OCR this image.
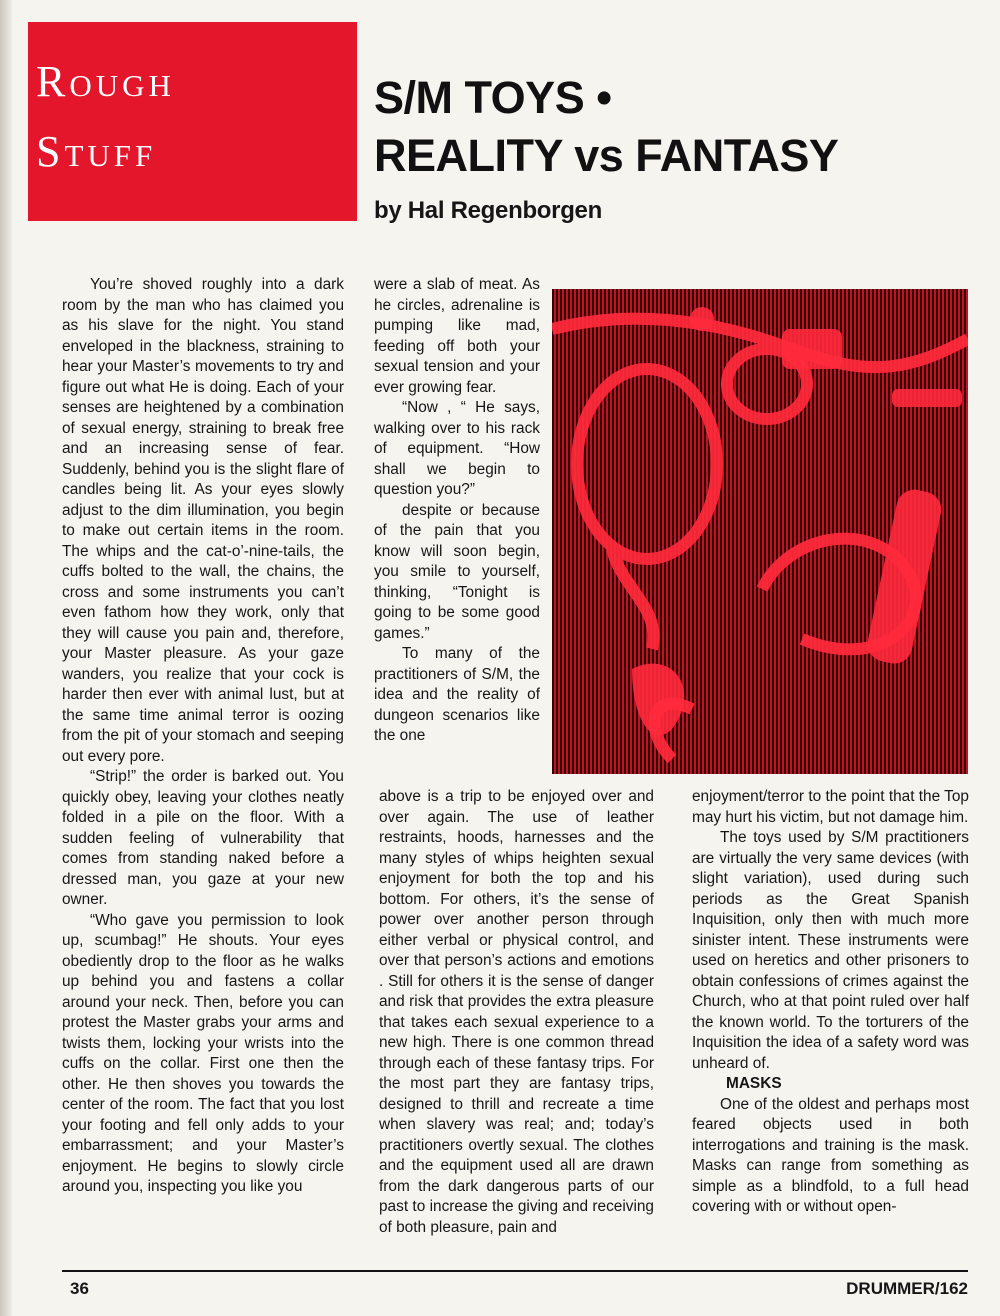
Rough
Stuff
S/M TOYS •
REALITY vs FANTASY
by Hal Regenborgen

You’re shoved roughly into a dark room by the man who has claimed you as his slave for the night. You stand enveloped in the blackness, straining to hear your Master’s movements to try and figure out what He is doing. Each of your senses are heightened by a combination of sexual energy, straining to break free and an increasing sense of fear. Suddenly, behind you is the slight flare of candles being lit. As your eyes slowly adjust to the dim illumination, you begin to make out certain items in the room. The whips and the cat-o’-nine-tails, the cuffs bolted to the wall, the chains, the cross and some instruments you can’t even fathom how they work, only that they will cause you pain and, therefore, your Master pleasure. As your gaze wanders, you realize that your cock is harder then ever with animal lust, but at the same time animal terror is oozing from the pit of your stomach and seeping out every pore.

“Strip!” the order is barked out. You quickly obey, leaving your clothes neatly folded in a pile on the floor. With a sudden feeling of vulnerability that comes from standing naked before a dressed man, you gaze at your new owner.

“Who gave you permission to look up, scumbag!” He shouts. Your eyes obediently drop to the floor as he walks up behind you and fastens a collar around your neck. Then, before you can protest the Master grabs your arms and twists them, locking your wrists into the cuffs on the collar. First one then the other. He then shoves you towards the center of the room. The fact that you lost your footing and fell only adds to your embarrassment; and your Master’s enjoyment. He begins to slowly circle around you, inspecting you like you

were a slab of meat. As he circles, adrenaline is pumping like mad, feeding off both your sexual tension and your ever growing fear.

“Now , “ He says, walking over to his rack of equipment. “How shall we begin to question you?”

despite or because of the pain that you know will soon begin, you smile to yourself, thinking, “Tonight is going to be some good games.”

To many of the practitioners of S/M, the idea and the reality of dungeon scenarios like the one

above is a trip to be enjoyed over and over again. The use of leather restraints, hoods, harnesses and the many styles of whips heighten sexual enjoyment for both the top and his bottom. For others, it’s the sense of power over another person through either verbal or physical control, and over that person’s actions and emotions . Still for others it is the sense of danger and risk that provides the extra pleasure that takes each sexual experience to a new high. There is one common thread through each of these fantasy trips. For the most part they are fantasy trips, designed to thrill and recreate a time when slavery was real; and; today’s practitioners overtly sexual. The clothes and the equipment used all are drawn from the dark dangerous parts of our past to increase the giving and receiving of both pleasure, pain and

enjoyment/terror to the point that the Top may hurt his victim, but not damage him.

The toys used by S/M practitioners are virtually the very same devices (with slight variation), used during such periods as the Great Spanish Inquisition, only then with much more sinister intent. These instruments were used on heretics and other prisoners to obtain confessions of crimes against the Church, who at that point ruled over half the known world. To the torturers of the Inquisition the idea of a safety word was unheard of.

MASKS

One of the oldest and perhaps most feared objects used in both interrogations and training is the mask. Masks can range from something as simple as a blindfold, to a full head covering with or without open-

36	DRUMMER/162
